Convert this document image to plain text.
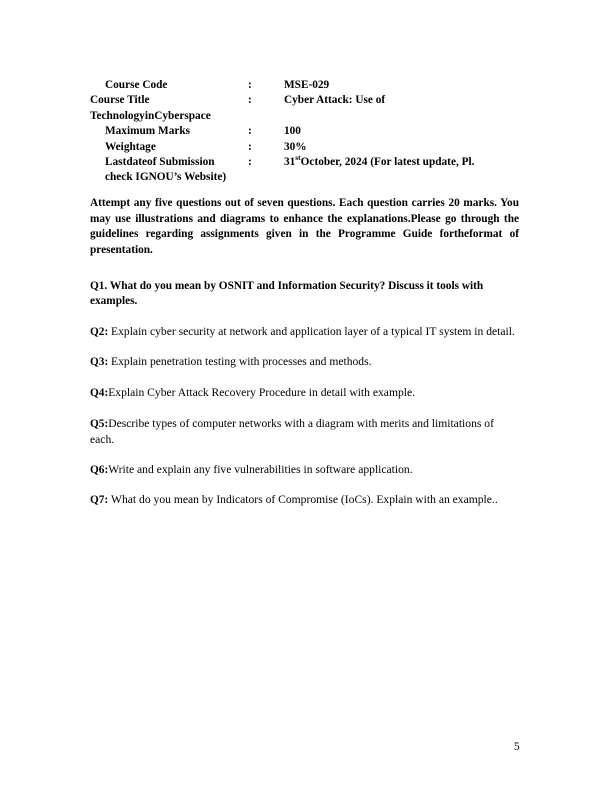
Course Code	:	MSE-029
Course Title	:	Cyber Attack: Use of
TechnologyinCyberspace
Maximum Marks	:	100
Weightage	:	30%
Lastdateof Submission	:	31stOctober, 2024 (For latest update, Pl.
check IGNOU’s Website)
Attempt any five questions out of seven questions. Each question carries 20 marks. You may use illustrations and diagrams to enhance the explanations.Please go through the guidelines regarding assignments given in the Programme Guide fortheformat of presentation.
Q1. What do you mean by OSNIT and Information Security? Discuss it tools with examples.
Q2: Explain cyber security at network and application layer of a typical IT system in detail.
Q3: Explain penetration testing with processes and methods.
Q4:Explain Cyber Attack Recovery Procedure in detail with example.
Q5:Describe types of computer networks with a diagram with merits and limitations of each.
Q6:Write and explain any five vulnerabilities in software application.
Q7: What do you mean by Indicators of Compromise (IoCs). Explain with an example..
5
